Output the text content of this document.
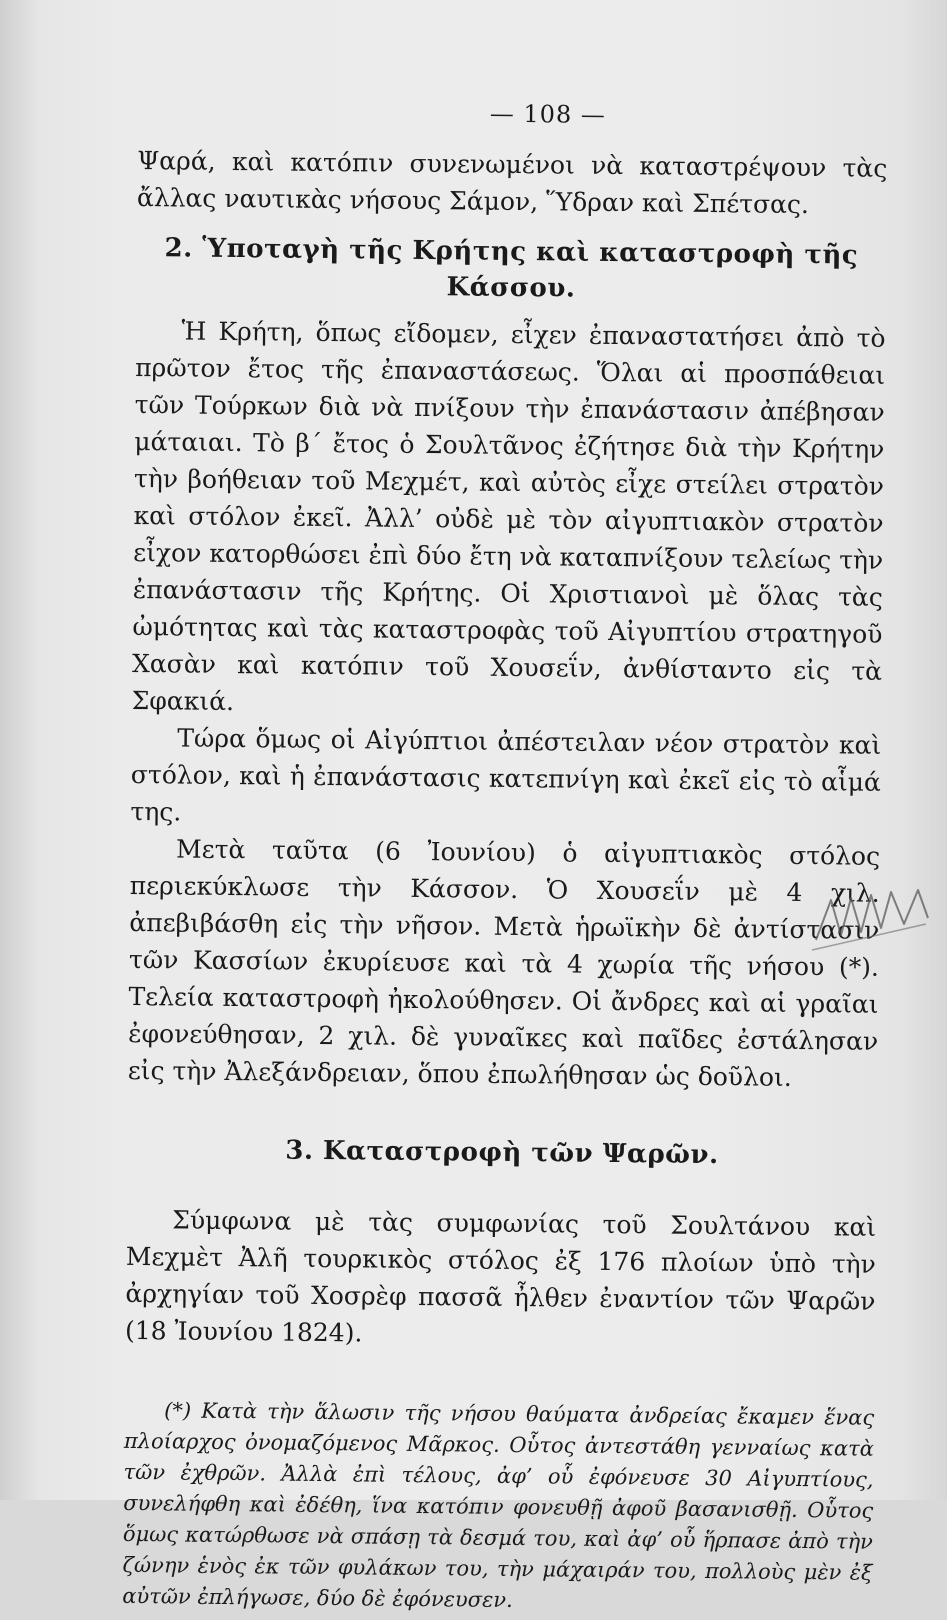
— 108 —

Ψαρά, καὶ κατόπιν συνενωμένοι νὰ καταστρέψουν τὰς ἄλλας ναυτικὰς νήσους Σάμον, Ὕδραν καὶ Σπέτσας.

2. Ὑποταγὴ τῆς Κρήτης καὶ καταστροφὴ τῆς Κάσσου.

Ἡ Κρήτη, ὅπως εἴδομεν, εἶχεν ἐπαναστατήσει ἀπὸ τὸ πρῶτον ἔτος τῆς ἐπαναστάσεως. Ὅλαι αἱ προσπάθειαι τῶν Τούρκων διὰ νὰ πνίξουν τὴν ἐπανάστασιν ἀπέβησαν μάταιαι. Τὸ β΄ ἔτος ὁ Σουλτᾶνος ἐζήτησε διὰ τὴν Κρήτην τὴν βοήθειαν τοῦ Μεχμέτ, καὶ αὐτὸς εἶχε στείλει στρατὸν καὶ στόλον ἐκεῖ. Ἀλλ’ οὐδὲ μὲ τὸν αἰγυπτιακὸν στρατὸν εἶχον κατορθώσει ἐπὶ δύο ἔτη νὰ καταπνίξουν τελείως τὴν ἐπανάστασιν τῆς Κρήτης. Οἱ Χριστιανοὶ μὲ ὅλας τὰς ὠμότητας καὶ τὰς καταστροφὰς τοῦ Αἰγυπτίου στρατηγοῦ Χασὰν καὶ κατόπιν τοῦ Χουσεΐν, ἀνθίσταντο εἰς τὰ Σφακιά.

Τώρα ὅμως οἱ Αἰγύπτιοι ἀπέστειλαν νέον στρατὸν καὶ στόλον, καὶ ἡ ἐπανάστασις κατεπνίγη καὶ ἐκεῖ εἰς τὸ αἷμά της.

Μετὰ ταῦτα (6 Ἰουνίου) ὁ αἰγυπτιακὸς στόλος περιεκύκλωσε τὴν Κάσσον. Ὁ Χουσεΐν μὲ 4 χιλ. ἀπεβιβάσθη εἰς τὴν νῆσον. Μετὰ ἡρωϊκὴν δὲ ἀντίστασιν τῶν Κασσίων ἐκυρίευσε καὶ τὰ 4 χωρία τῆς νήσου (*). Τελεία καταστροφὴ ἠκολούθησεν. Οἱ ἄνδρες καὶ αἱ γραῖαι ἐφονεύθησαν, 2 χιλ. δὲ γυναῖκες καὶ παῖδες ἐστάλησαν εἰς τὴν Ἀλεξάνδρειαν, ὅπου ἐπωλήθησαν ὡς δοῦλοι.

3. Καταστροφὴ τῶν Ψαρῶν.

Σύμφωνα μὲ τὰς συμφωνίας τοῦ Σουλτάνου καὶ Μεχμὲτ Ἀλῆ τουρκικὸς στόλος ἐξ 176 πλοίων ὑπὸ τὴν ἀρχηγίαν τοῦ Χοσρὲφ πασσᾶ ἦλθεν ἐναντίον τῶν Ψαρῶν (18 Ἰουνίου 1824).

(*) Κατὰ τὴν ἅλωσιν τῆς νήσου θαύματα ἀνδρείας ἔκαμεν ἕνας πλοίαρχος ὀνομαζόμενος Μᾶρκος. Οὗτος ἀντεστάθη γενναίως κατὰ τῶν ἐχθρῶν. Ἀλλὰ ἐπὶ τέλους, ἀφ’ οὗ ἐφόνευσε 30 Αἰγυπτίους, συνελήφθη καὶ ἐδέθη, ἵνα κατόπιν φονευθῇ ἀφοῦ βασανισθῇ. Οὗτος ὅμως κατώρθωσε νὰ σπάσῃ τὰ δεσμά του, καὶ ἀφ’ οὗ ἥρπασε ἀπὸ τὴν ζώνην ἑνὸς ἐκ τῶν φυλάκων του, τὴν μάχαιράν του, πολλοὺς μὲν ἐξ αὐτῶν ἐπλήγωσε, δύο δὲ ἐφόνευσεν.
